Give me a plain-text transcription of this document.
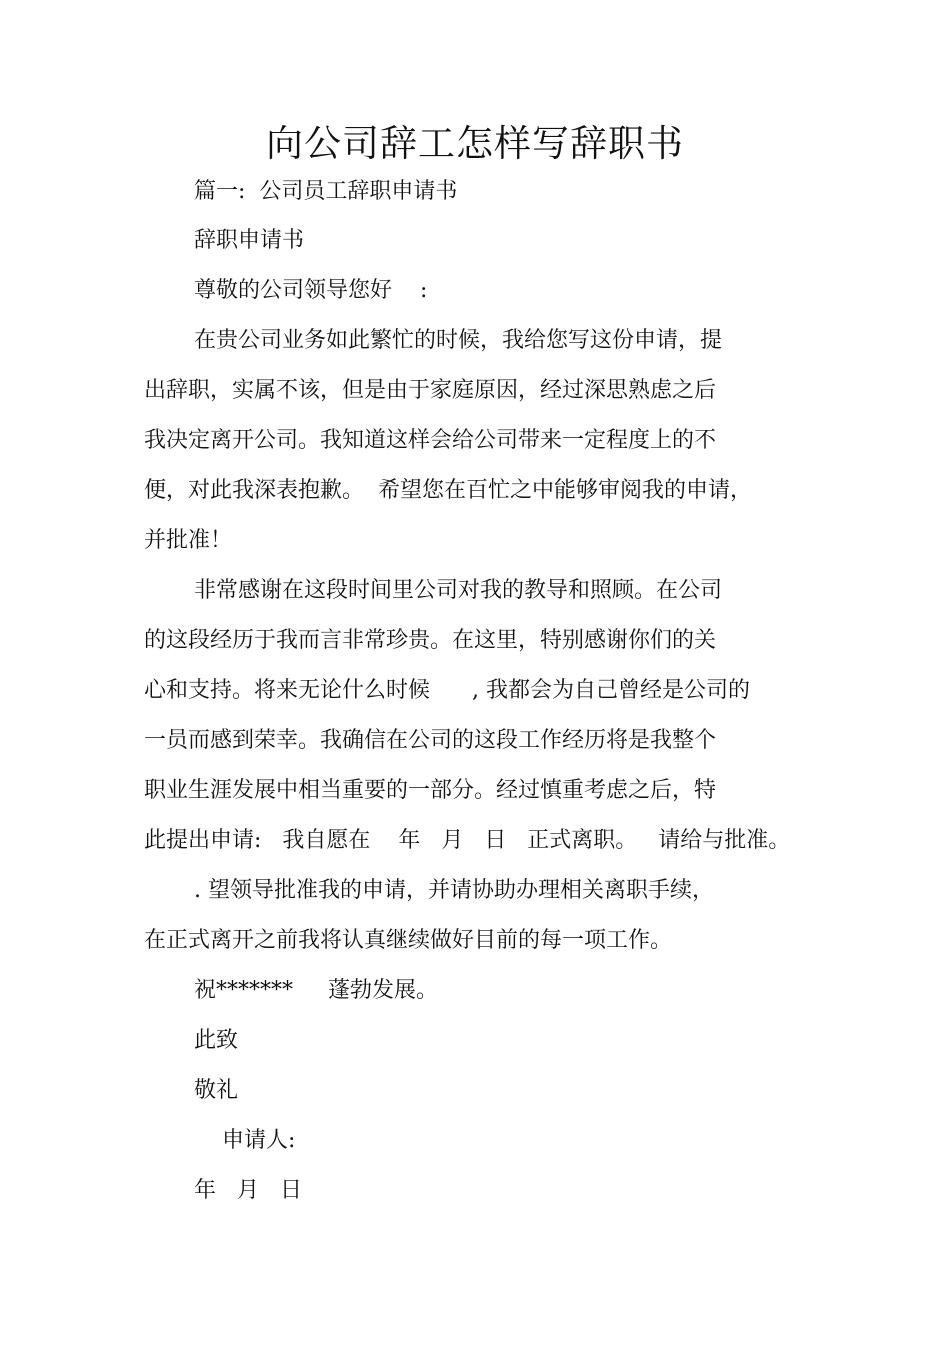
向公司辞工怎样写辞职书
篇一:  公司员工辞职申请书
辞职申请书
尊敬的公司领导您好    :
在贵公司业务如此繁忙的时候，我给您写这份申请，提
出辞职，实属不该，但是由于家庭原因，经过深思熟虑之后
我决定离开公司。我知道这样会给公司带来一定程度上的不
便，对此我深表抱歉。  希望您在百忙之中能够审阅我的申请，
并批准！
非常感谢在这段时间里公司对我的教导和照顾。在公司
的这段经历于我而言非常珍贵。在这里，特别感谢你们的关
心和支持。将来无论什么时候      , 我都会为自己曾经是公司的
一员而感到荣幸。我确信在公司的这段工作经历将是我整个
职业生涯发展中相当重要的一部分。经过慎重考虑之后，特
此提出申请:   我自愿在    年   月   日   正式离职。   请给与批准。
. 望领导批准我的申请，并请协助办理相关离职手续，
在正式离开之前我将认真继续做好目前的每一项工作。
祝*******     蓬勃发展。
此致
敬礼
申请人:
年   月   日
